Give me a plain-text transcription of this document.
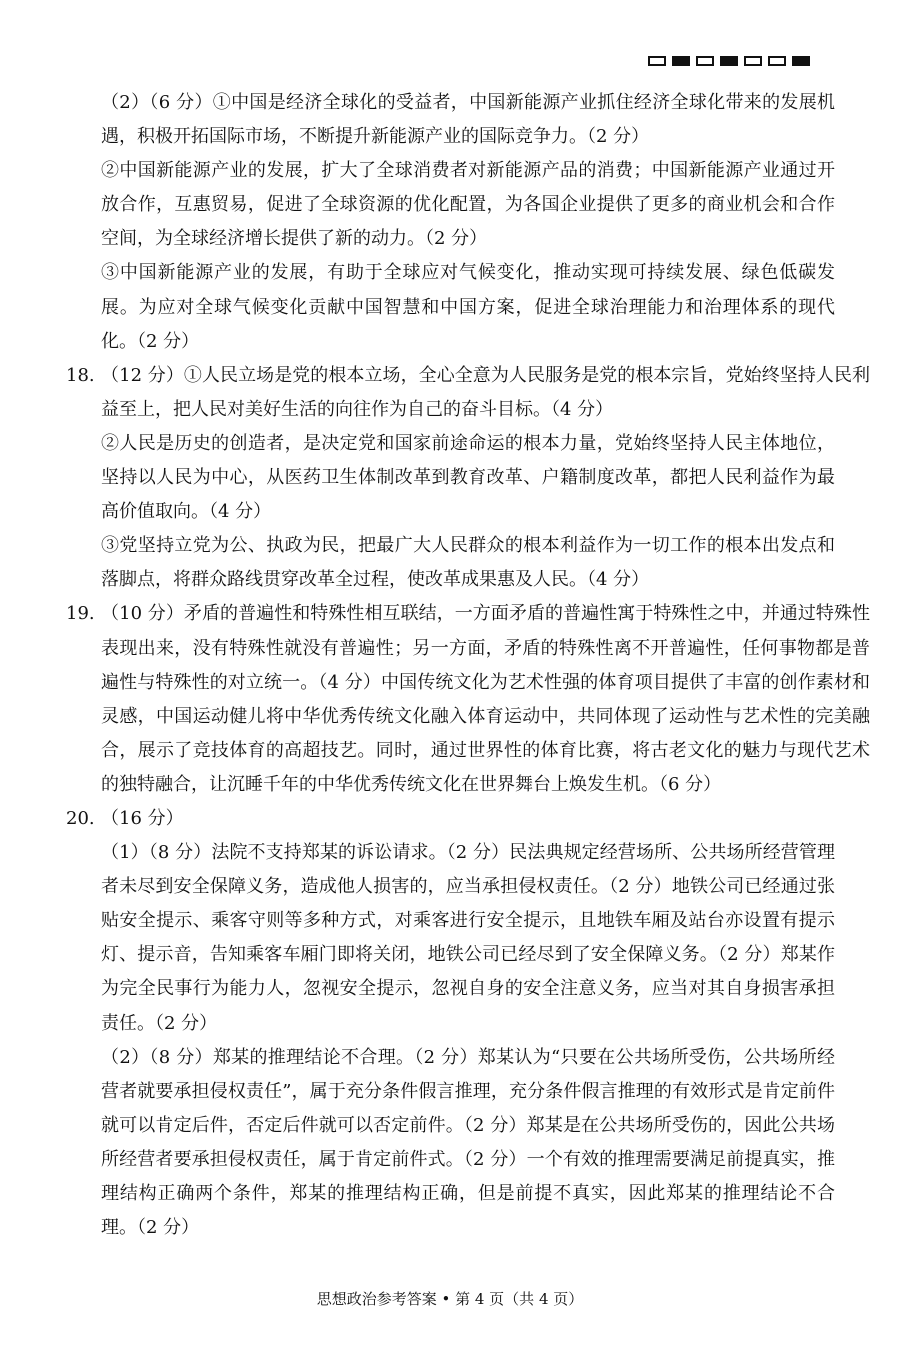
（2）（6 分）①中国是经济全球化的受益者，中国新能源产业抓住经济全球化带来的发展机遇，积极开拓国际市场，不断提升新能源产业的国际竞争力。（2 分）

②中国新能源产业的发展，扩大了全球消费者对新能源产品的消费；中国新能源产业通过开放合作，互惠贸易，促进了全球资源的优化配置，为各国企业提供了更多的商业机会和合作空间，为全球经济增长提供了新的动力。（2 分）

③中国新能源产业的发展，有助于全球应对气候变化，推动实现可持续发展、绿色低碳发展。为应对全球气候变化贡献中国智慧和中国方案，促进全球治理能力和治理体系的现代化。（2 分）

18. （12 分）①人民立场是党的根本立场，全心全意为人民服务是党的根本宗旨，党始终坚持人民利益至上，把人民对美好生活的向往作为自己的奋斗目标。（4 分）

②人民是历史的创造者，是决定党和国家前途命运的根本力量，党始终坚持人民主体地位，坚持以人民为中心，从医药卫生体制改革到教育改革、户籍制度改革，都把人民利益作为最高价值取向。（4 分）

③党坚持立党为公、执政为民，把最广大人民群众的根本利益作为一切工作的根本出发点和落脚点，将群众路线贯穿改革全过程，使改革成果惠及人民。（4 分）

19. （10 分）矛盾的普遍性和特殊性相互联结，一方面矛盾的普遍性寓于特殊性之中，并通过特殊性表现出来，没有特殊性就没有普遍性；另一方面，矛盾的特殊性离不开普遍性，任何事物都是普遍性与特殊性的对立统一。（4 分）中国传统文化为艺术性强的体育项目提供了丰富的创作素材和灵感，中国运动健儿将中华优秀传统文化融入体育运动中，共同体现了运动性与艺术性的完美融合，展示了竞技体育的高超技艺。同时，通过世界性的体育比赛，将古老文化的魅力与现代艺术的独特融合，让沉睡千年的中华优秀传统文化在世界舞台上焕发生机。（6 分）

20. （16 分）

（1）（8 分）法院不支持郑某的诉讼请求。（2 分）民法典规定经营场所、公共场所经营管理者未尽到安全保障义务，造成他人损害的，应当承担侵权责任。（2 分）地铁公司已经通过张贴安全提示、乘客守则等多种方式，对乘客进行安全提示，且地铁车厢及站台亦设置有提示灯、提示音，告知乘客车厢门即将关闭，地铁公司已经尽到了安全保障义务。（2 分）郑某作为完全民事行为能力人，忽视安全提示，忽视自身的安全注意义务，应当对其自身损害承担责任。（2 分）

（2）（8 分）郑某的推理结论不合理。（2 分）郑某认为“只要在公共场所受伤，公共场所经营者就要承担侵权责任”，属于充分条件假言推理，充分条件假言推理的有效形式是肯定前件就可以肯定后件，否定后件就可以否定前件。（2 分）郑某是在公共场所受伤的，因此公共场所经营者要承担侵权责任，属于肯定前件式。（2 分）一个有效的推理需要满足前提真实，推理结构正确两个条件，郑某的推理结构正确，但是前提不真实，因此郑某的推理结论不合理。（2 分）

思想政治参考答案 • 第 4 页（共 4 页）
